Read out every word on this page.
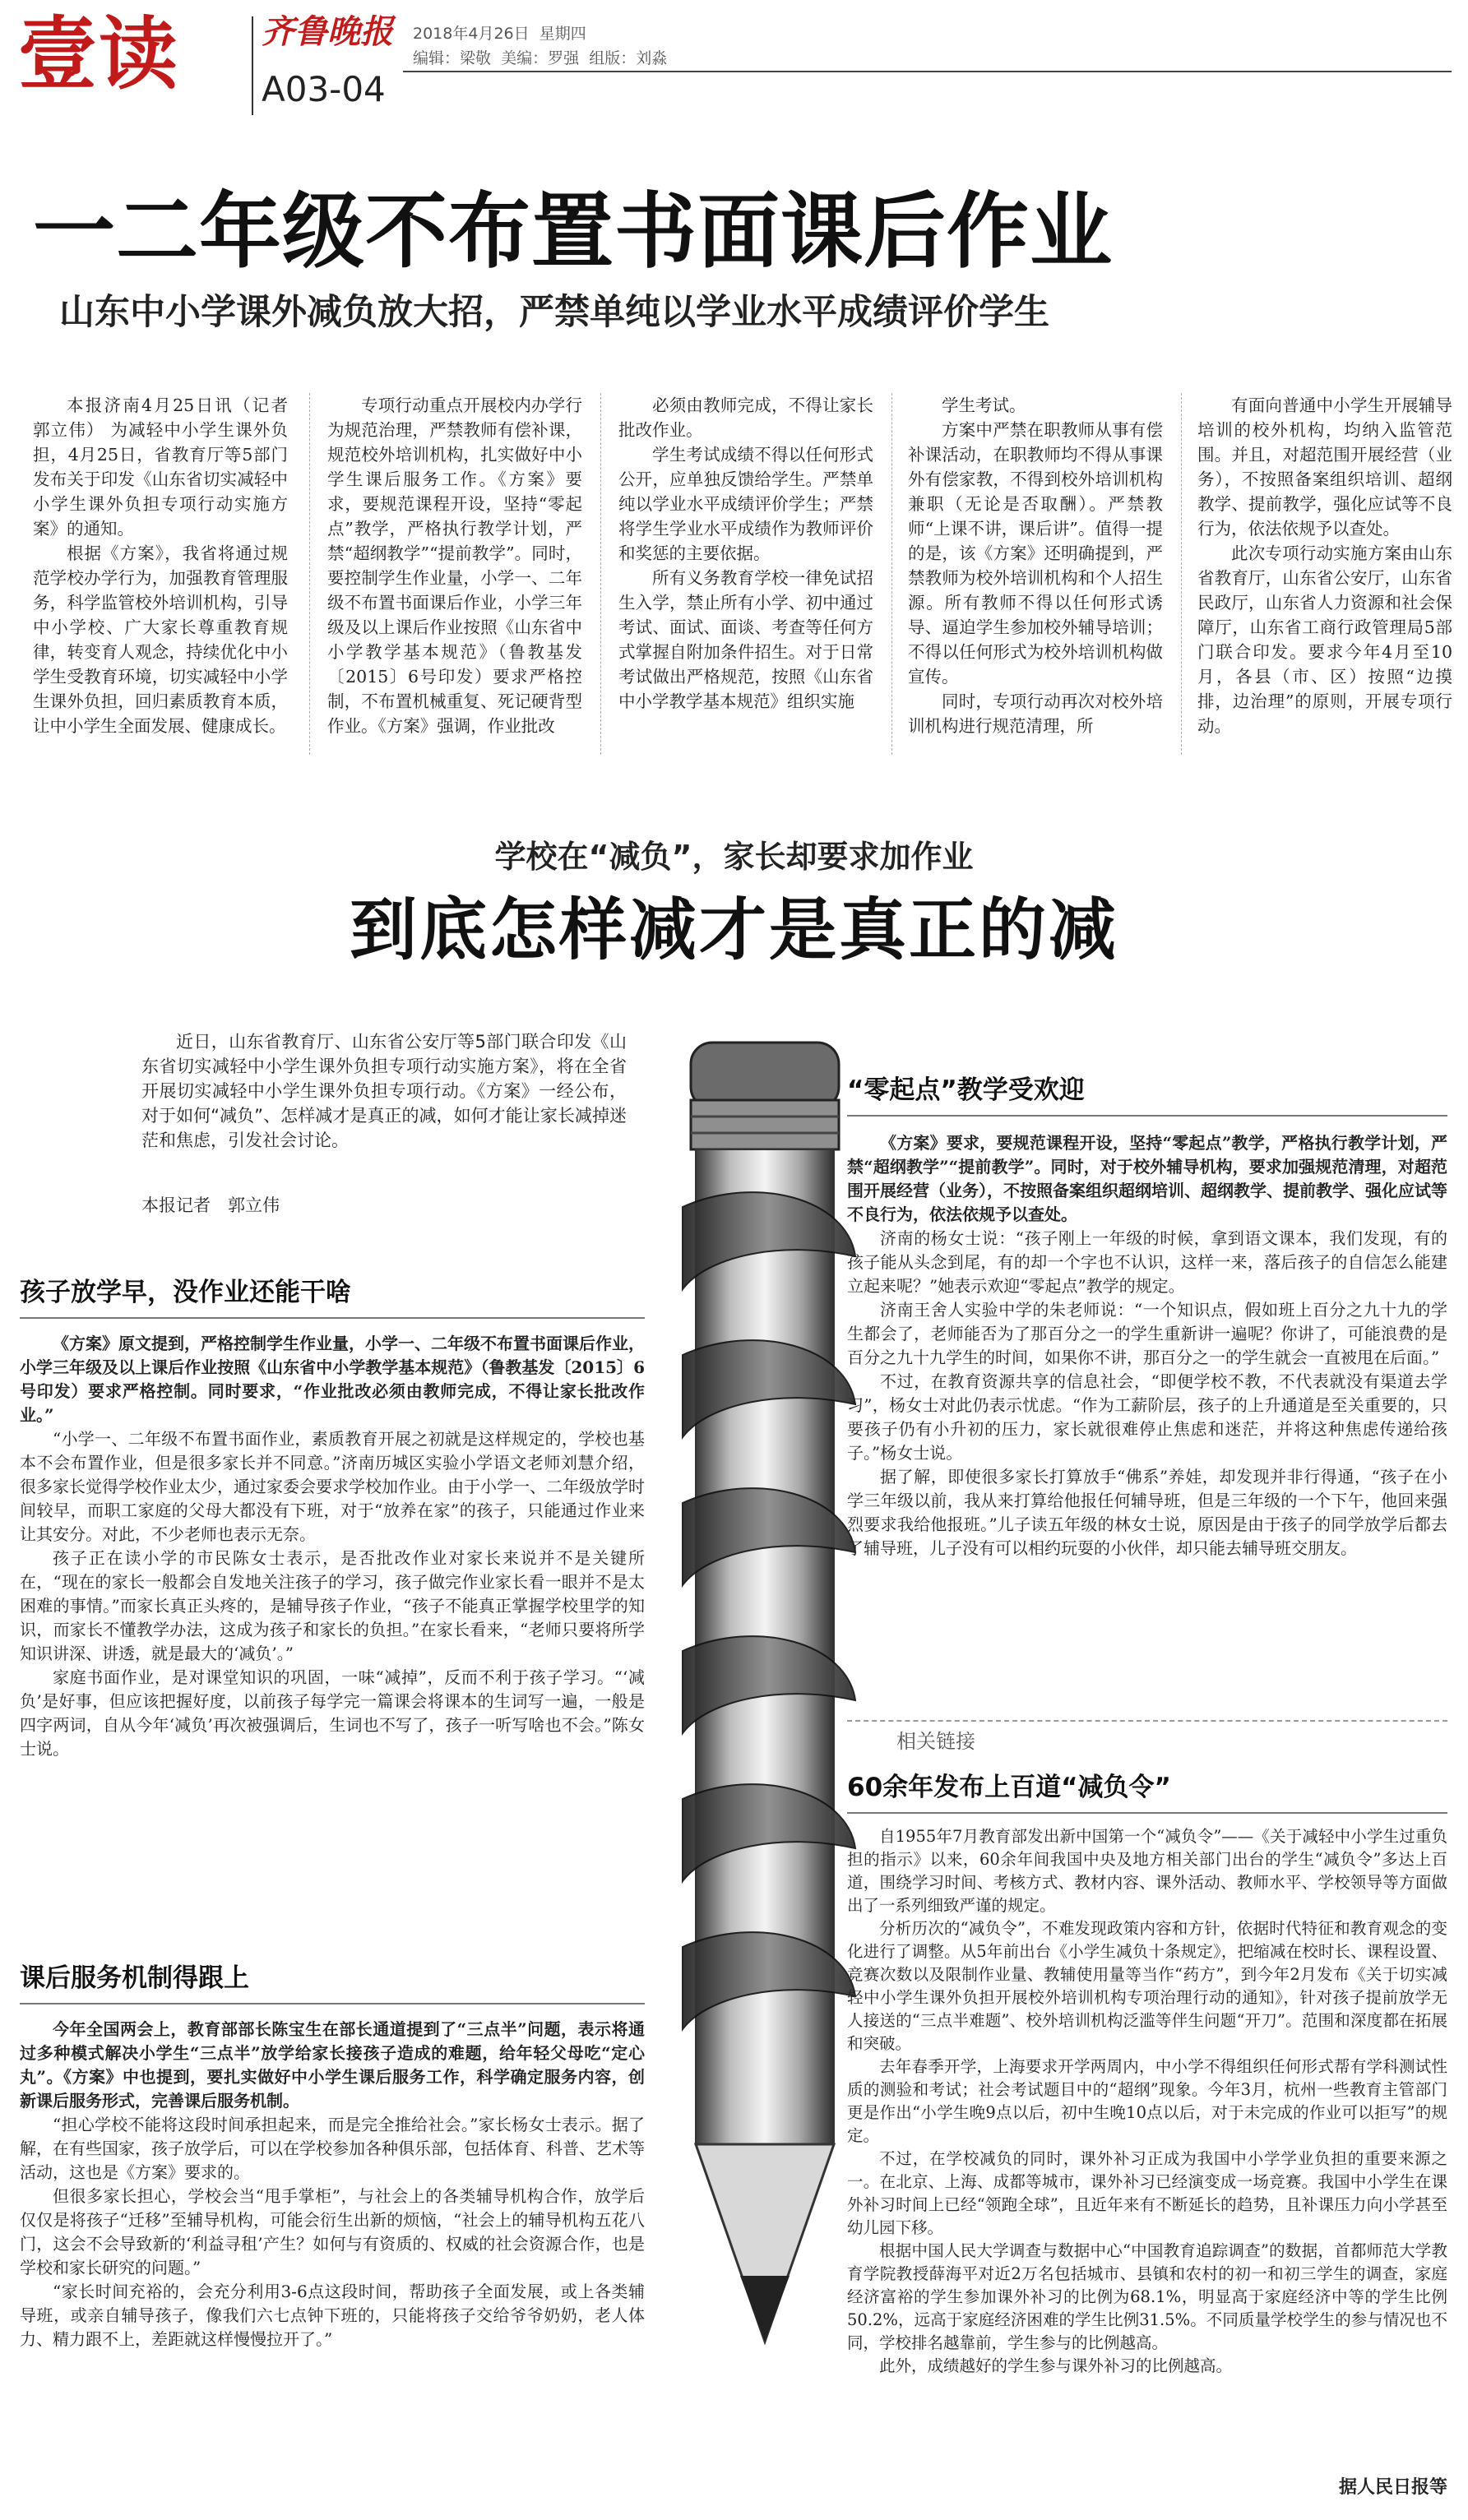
壹读	齐鲁晚报
A03-04
2018年4月26日 星期四
编辑：梁敬 美编：罗强 组版：刘淼
一二年级不布置书面课后作业
山东中小学课外减负放大招，严禁单纯以学业水平成绩评价学生

本报济南4月25日讯（记者 郭立伟） 为减轻中小学生课外负担，4月25日，省教育厅等5部门发布关于印发《山东省切实减轻中小学生课外负担专项行动实施方案》的通知。

根据《方案》，我省将通过规范学校办学行为，加强教育管理服务，科学监管校外培训机构，引导中小学校、广大家长尊重教育规律，转变育人观念，持续优化中小学生受教育环境，切实减轻中小学生课外负担，回归素质教育本质，让中小学生全面发展、健康成长。

专项行动重点开展校内办学行为规范治理，严禁教师有偿补课，规范校外培训机构，扎实做好中小学生课后服务工作。《方案》要求，要规范课程开设，坚持“零起点”教学，严格执行教学计划，严禁“超纲教学”“提前教学”。同时，要控制学生作业量，小学一、二年级不布置书面课后作业，小学三年级及以上课后作业按照《山东省中小学教学基本规范》（鲁教基发〔2015〕6号印发）要求严格控制，不布置机械重复、死记硬背型作业。《方案》强调，作业批改

必须由教师完成，不得让家长批改作业。

学生考试成绩不得以任何形式公开，应单独反馈给学生。严禁单纯以学业水平成绩评价学生；严禁将学生学业水平成绩作为教师评价和奖惩的主要依据。

所有义务教育学校一律免试招生入学，禁止所有小学、初中通过考试、面试、面谈、考查等任何方式掌握自附加条件招生。对于日常考试做出严格规范，按照《山东省中小学教学基本规范》组织实施

学生考试。

方案中严禁在职教师从事有偿补课活动，在职教师均不得从事课外有偿家教，不得到校外培训机构兼职（无论是否取酬）。严禁教师“上课不讲，课后讲”。值得一提的是，该《方案》还明确提到，严禁教师为校外培训机构和个人招生源。所有教师不得以任何形式诱导、逼迫学生参加校外辅导培训；不得以任何形式为校外培训机构做宣传。

同时，专项行动再次对校外培训机构进行规范清理，所

有面向普通中小学生开展辅导培训的校外机构，均纳入监管范围。并且，对超范围开展经营（业务），不按照备案组织培训、超纲教学、提前教学，强化应试等不良行为，依法依规予以查处。

此次专项行动实施方案由山东省教育厅，山东省公安厅，山东省民政厅，山东省人力资源和社会保障厅，山东省工商行政管理局5部门联合印发。要求今年4月至10月，各县（市、区）按照“边摸排，边治理”的原则，开展专项行动。

学校在“减负”，家长却要求加作业
到底怎样减才是真正的减
近日，山东省教育厅、山东省公安厅等5部门联合印发《山东省切实减轻中小学生课外负担专项行动实施方案》，将在全省开展切实减轻中小学生课外负担专项行动。《方案》一经公布，对于如何“减负”、怎样减才是真正的减，如何才能让家长减掉迷茫和焦虑，引发社会讨论。
本报记者　郭立伟
孩子放学早，没作业还能干啥

《方案》原文提到，严格控制学生作业量，小学一、二年级不布置书面课后作业，小学三年级及以上课后作业按照《山东省中小学教学基本规范》（鲁教基发〔2015〕6号印发）要求严格控制。同时要求，“作业批改必须由教师完成，不得让家长批改作业。”

“小学一、二年级不布置书面作业，素质教育开展之初就是这样规定的，学校也基本不会布置作业，但是很多家长并不同意。”济南历城区实验小学语文老师刘慧介绍，很多家长觉得学校作业太少，通过家委会要求学校加作业。由于小学一、二年级放学时间较早，而职工家庭的父母大都没有下班，对于“放养在家”的孩子，只能通过作业来让其安分。对此，不少老师也表示无奈。

孩子正在读小学的市民陈女士表示，是否批改作业对家长来说并不是关键所在，“现在的家长一般都会自发地关注孩子的学习，孩子做完作业家长看一眼并不是太困难的事情。”而家长真正头疼的，是辅导孩子作业，“孩子不能真正掌握学校里学的知识，而家长不懂教学办法，这成为孩子和家长的负担。”在家长看来，“老师只要将所学知识讲深、讲透，就是最大的‘减负’。”

家庭书面作业，是对课堂知识的巩固，一味“减掉”，反而不利于孩子学习。“‘减负’是好事，但应该把握好度，以前孩子每学完一篇课会将课本的生词写一遍，一般是四字两词，自从今年‘减负’再次被强调后，生词也不写了，孩子一听写啥也不会。”陈女士说。

课后服务机制得跟上

今年全国两会上，教育部部长陈宝生在部长通道提到了“三点半”问题，表示将通过多种模式解决小学生“三点半”放学给家长接孩子造成的难题，给年轻父母吃“定心丸”。《方案》中也提到，要扎实做好中小学生课后服务工作，科学确定服务内容，创新课后服务形式，完善课后服务机制。

“担心学校不能将这段时间承担起来，而是完全推给社会。”家长杨女士表示。据了解，在有些国家，孩子放学后，可以在学校参加各种俱乐部，包括体育、科普、艺术等活动，这也是《方案》要求的。

但很多家长担心，学校会当“甩手掌柜”，与社会上的各类辅导机构合作，放学后仅仅是将孩子“迁移”至辅导机构，可能会衍生出新的烦恼，“社会上的辅导机构五花八门，这会不会导致新的‘利益寻租’产生？如何与有资质的、权威的社会资源合作，也是学校和家长研究的问题。”

“家长时间充裕的，会充分利用3-6点这段时间，帮助孩子全面发展，或上各类辅导班，或亲自辅导孩子，像我们六七点钟下班的，只能将孩子交给爷爷奶奶，老人体力、精力跟不上，差距就这样慢慢拉开了。”

“零起点”教学受欢迎

《方案》要求，要规范课程开设，坚持“零起点”教学，严格执行教学计划，严禁“超纲教学”“提前教学”。同时，对于校外辅导机构，要求加强规范清理，对超范围开展经营（业务），不按照备案组织超纲培训、超纲教学、提前教学、强化应试等不良行为，依法依规予以查处。

济南的杨女士说：“孩子刚上一年级的时候，拿到语文课本，我们发现，有的孩子能从头念到尾，有的却一个字也不认识，这样一来，落后孩子的自信怎么能建立起来呢？”她表示欢迎“零起点”教学的规定。

济南王舍人实验中学的朱老师说：“一个知识点，假如班上百分之九十九的学生都会了，老师能否为了那百分之一的学生重新讲一遍呢？你讲了，可能浪费的是百分之九十九学生的时间，如果你不讲，那百分之一的学生就会一直被甩在后面。”

不过，在教育资源共享的信息社会，“即便学校不教，不代表就没有渠道去学习”，杨女士对此仍表示忧虑。“作为工薪阶层，孩子的上升通道是至关重要的，只要孩子仍有小升初的压力，家长就很难停止焦虑和迷茫，并将这种焦虑传递给孩子。”杨女士说。

据了解，即使很多家长打算放手“佛系”养娃，却发现并非行得通，“孩子在小学三年级以前，我从来打算给他报任何辅导班，但是三年级的一个下午，他回来强烈要求我给他报班。”儿子读五年级的林女士说，原因是由于孩子的同学放学后都去了辅导班，儿子没有可以相约玩耍的小伙伴，却只能去辅导班交朋友。

相关链接
60余年发布上百道“减负令”

自1955年7月教育部发出新中国第一个“减负令”——《关于减轻中小学生过重负担的指示》以来，60余年间我国中央及地方相关部门出台的学生“减负令”多达上百道，围绕学习时间、考核方式、教材内容、课外活动、教师水平、学校领导等方面做出了一系列细致严谨的规定。

分析历次的“减负令”，不难发现政策内容和方针，依据时代特征和教育观念的变化进行了调整。从5年前出台《小学生减负十条规定》，把缩减在校时长、课程设置、竞赛次数以及限制作业量、教辅使用量等当作“药方”，到今年2月发布《关于切实减轻中小学生课外负担开展校外培训机构专项治理行动的通知》，针对孩子提前放学无人接送的“三点半难题”、校外培训机构泛滥等伴生问题“开刀”。范围和深度都在拓展和突破。

去年春季开学，上海要求开学两周内，中小学不得组织任何形式帮有学科测试性质的测验和考试；社会考试题目中的“超纲”现象。今年3月，杭州一些教育主管部门更是作出“小学生晚9点以后，初中生晚10点以后，对于未完成的作业可以拒写”的规定。

不过，在学校减负的同时，课外补习正成为我国中小学学业负担的重要来源之一。在北京、上海、成都等城市，课外补习已经演变成一场竞赛。我国中小学生在课外补习时间上已经“领跑全球”，且近年来有不断延长的趋势，且补课压力向小学甚至幼儿园下移。

根据中国人民大学调查与数据中心“中国教育追踪调查”的数据，首都师范大学教育学院教授薛海平对近2万名包括城市、县镇和农村的初一和初三学生的调查，家庭经济富裕的学生参加课外补习的比例为68.1%，明显高于家庭经济中等的学生比例50.2%，远高于家庭经济困难的学生比例31.5%。不同质量学校学生的参与情况也不同，学校排名越靠前，学生参与的比例越高。

此外，成绩越好的学生参与课外补习的比例越高。

据人民日报等
